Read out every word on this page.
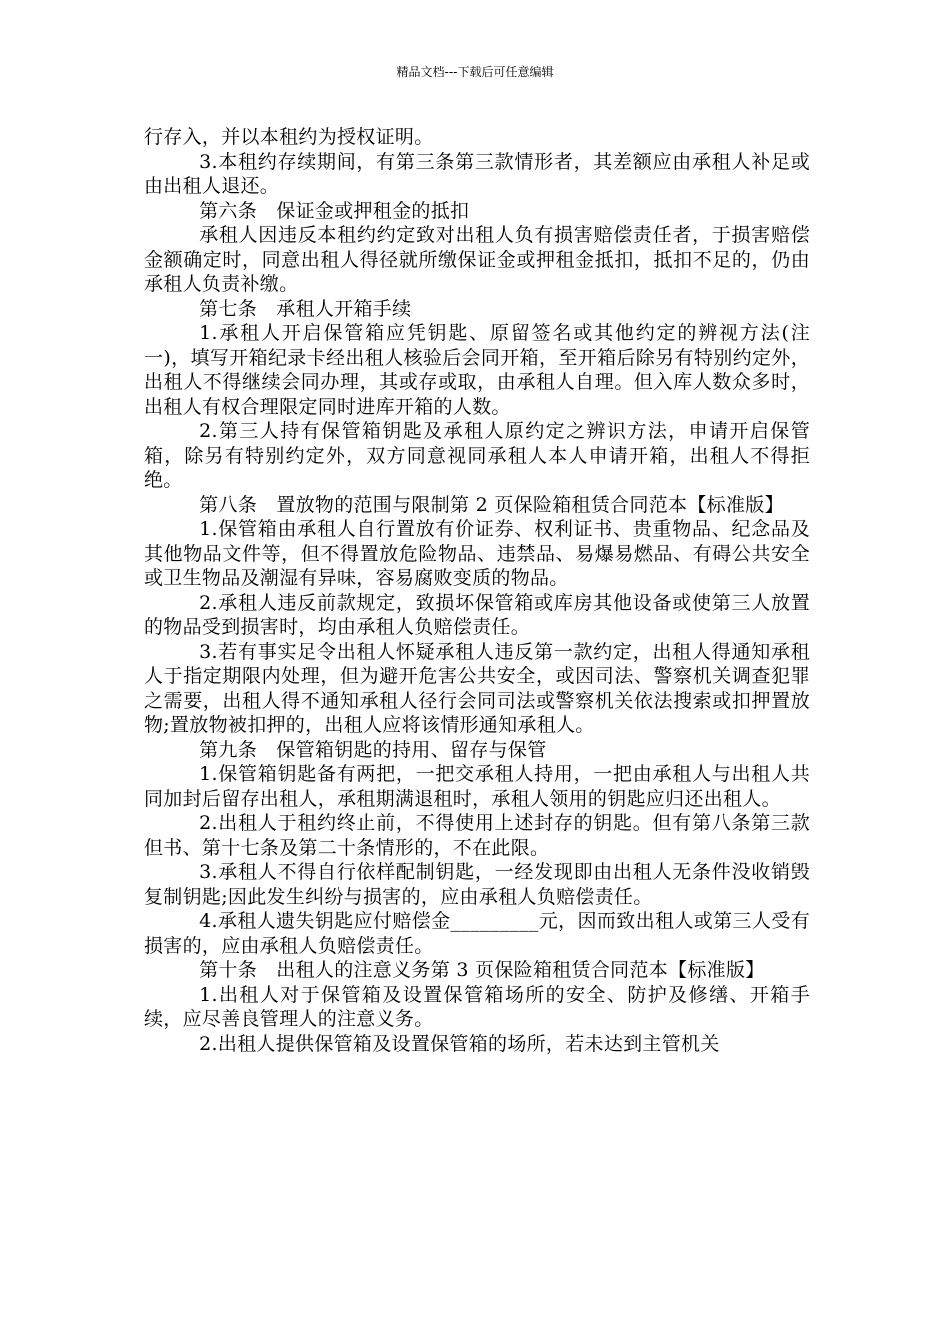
精品文档---下载后可任意编辑

行存入，并以本租约为授权证明。

3.本租约存续期间，有第三条第三款情形者，其差额应由承租人补足或由出租人退还。

第六条　保证金或押租金的抵扣

承租人因违反本租约约定致对出租人负有损害赔偿责任者，于损害赔偿金额确定时，同意出租人得径就所缴保证金或押租金抵扣，抵扣不足的，仍由承租人负责补缴。

第七条　承租人开箱手续

1.承租人开启保管箱应凭钥匙、原留签名或其他约定的辨视方法(注一)，填写开箱纪录卡经出租人核验后会同开箱，至开箱后除另有特别约定外，出租人不得继续会同办理，其或存或取，由承租人自理。但入库人数众多时，出租人有权合理限定同时进库开箱的人数。

2.第三人持有保管箱钥匙及承租人原约定之辨识方法，申请开启保管箱，除另有特别约定外，双方同意视同承租人本人申请开箱，出租人不得拒绝。

第八条　置放物的范围与限制第 2 页保险箱租赁合同范本【标准版】

1.保管箱由承租人自行置放有价证券、权利证书、贵重物品、纪念品及其他物品文件等，但不得置放危险物品、违禁品、易爆易燃品、有碍公共安全或卫生物品及潮湿有异味，容易腐败变质的物品。

2.承租人违反前款规定，致损坏保管箱或库房其他设备或使第三人放置的物品受到损害时，均由承租人负赔偿责任。

3.若有事实足令出租人怀疑承租人违反第一款约定，出租人得通知承租人于指定期限内处理，但为避开危害公共安全，或因司法、警察机关调查犯罪之需要，出租人得不通知承租人径行会同司法或警察机关依法搜索或扣押置放物;置放物被扣押的，出租人应将该情形通知承租人。

第九条　保管箱钥匙的持用、留存与保管

1.保管箱钥匙备有两把，一把交承租人持用，一把由承租人与出租人共同加封后留存出租人，承租期满退租时，承租人领用的钥匙应归还出租人。

2.出租人于租约终止前，不得使用上述封存的钥匙。但有第八条第三款但书、第十七条及第二十条情形的，不在此限。

3.承租人不得自行依样配制钥匙，一经发现即由出租人无条件没收销毁复制钥匙;因此发生纠纷与损害的，应由承租人负赔偿责任。

4.承租人遗失钥匙应付赔偿金_________元，因而致出租人或第三人受有损害的，应由承租人负赔偿责任。

第十条　出租人的注意义务第 3 页保险箱租赁合同范本【标准版】

1.出租人对于保管箱及设置保管箱场所的安全、防护及修缮、开箱手续，应尽善良管理人的注意义务。

2.出租人提供保管箱及设置保管箱的场所，若未达到主管机关
